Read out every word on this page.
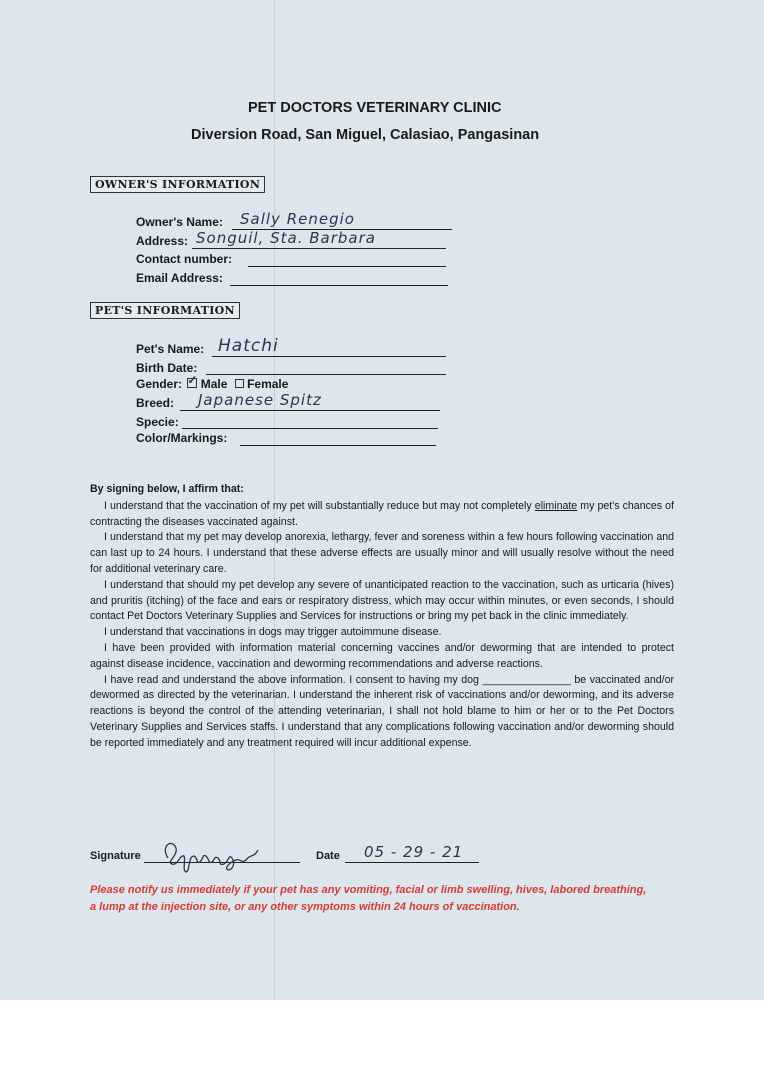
PET DOCTORS VETERINARY CLINIC
Diversion Road, San Miguel, Calasiao, Pangasinan
OWNER'S INFORMATION
Owner's Name: Sally Renegio
Address: Songuil, Sta. Barbara
Contact number:
Email Address:
PET'S INFORMATION
Pet's Name: Hatchi
Birth Date:
Gender: ✓ Male Female
Breed: Japanese Spitz
Specie:
Color/Markings:

By signing below, I affirm that:

I understand that the vaccination of my pet will substantially reduce but may not completely eliminate my pet's chances of contracting the diseases vaccinated against.

I understand that my pet may develop anorexia, lethargy, fever and soreness within a few hours following vaccination and can last up to 24 hours. I understand that these adverse effects are usually minor and will usually resolve without the need for additional veterinary care.

I understand that should my pet develop any severe of unanticipated reaction to the vaccination, such as urticaria (hives) and pruritis (itching) of the face and ears or respiratory distress, which may occur within minutes, or even seconds, I should contact Pet Doctors Veterinary Supplies and Services for instructions or bring my pet back in the clinic immediately.

I understand that vaccinations in dogs may trigger autoimmune disease.

I have been provided with information material concerning vaccines and/or deworming that are intended to protect against disease incidence, vaccination and deworming recommendations and adverse reactions.

I have read and understand the above information. I consent to having my dog _______________ be vaccinated and/or dewormed as directed by the veterinarian. I understand the inherent risk of vaccinations and/or deworming, and its adverse reactions is beyond the control of the attending veterinarian, I shall not hold blame to him or her or to the Pet Doctors Veterinary Supplies and Services staffs. I understand that any complications following vaccination and/or deworming should be reported immediately and any treatment required will incur additional expense.

Signature	Date 05 - 29 - 21
Please notify us immediately if your pet has any vomiting, facial or limb swelling, hives, labored breathing, a lump at the injection site, or any other symptoms within 24 hours of vaccination.
